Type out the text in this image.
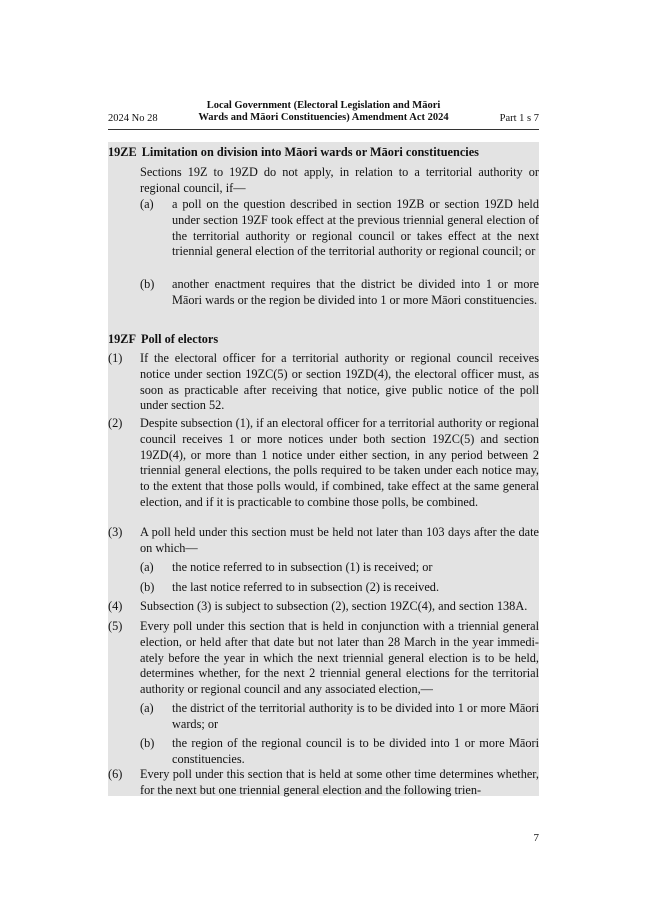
2024 No 28
Local Government (Electoral Legislation and Māori
Wards and Māori Constituencies) Amendment Act 2024	Part 1 s 7
19ZE Limitation on division into Māori wards or Māori constituencies
Sections 19Z to 19ZD do not apply, in relation to a territorial authority or regional council, if—
(a) a poll on the question described in section 19ZB or section 19ZD held under section 19ZF took effect at the previous triennial general election of the territorial authority or regional council or takes effect at the next triennial general election of the territorial authority or regional council; or
(b) another enactment requires that the district be divided into 1 or more Māori wards or the region be divided into 1 or more Māori constituencies.
19ZF Poll of electors
(1) If the electoral officer for a territorial authority or regional council receives notice under section 19ZC(5) or section 19ZD(4), the electoral officer must, as soon as practicable after receiving that notice, give public notice of the poll under section 52.
(2) Despite subsection (1), if an electoral officer for a territorial authority or regional council receives 1 or more notices under both section 19ZC(5) and section 19ZD(4), or more than 1 notice under either section, in any period between 2 triennial general elections, the polls required to be taken under each notice may, to the extent that those polls would, if combined, take effect at the same general election, and if it is practicable to combine those polls, be combined.
(3) A poll held under this section must be held not later than 103 days after the date on which—
(a) the notice referred to in subsection (1) is received; or
(b) the last notice referred to in subsection (2) is received.
(4) Subsection (3) is subject to subsection (2), section 19ZC(4), and section 138A.
(5) Every poll under this section that is held in conjunction with a triennial general election, or held after that date but not later than 28 March in the year immediately before the year in which the next triennial general election is to be held, determines whether, for the next 2 triennial general elections for the territorial authority or regional council and any associated election,—
(a) the district of the territorial authority is to be divided into 1 or more Māori wards; or
(b) the region of the regional council is to be divided into 1 or more Māori constituencies.
(6) Every poll under this section that is held at some other time determines whether, for the next but one triennial general election and the following trien-
7
